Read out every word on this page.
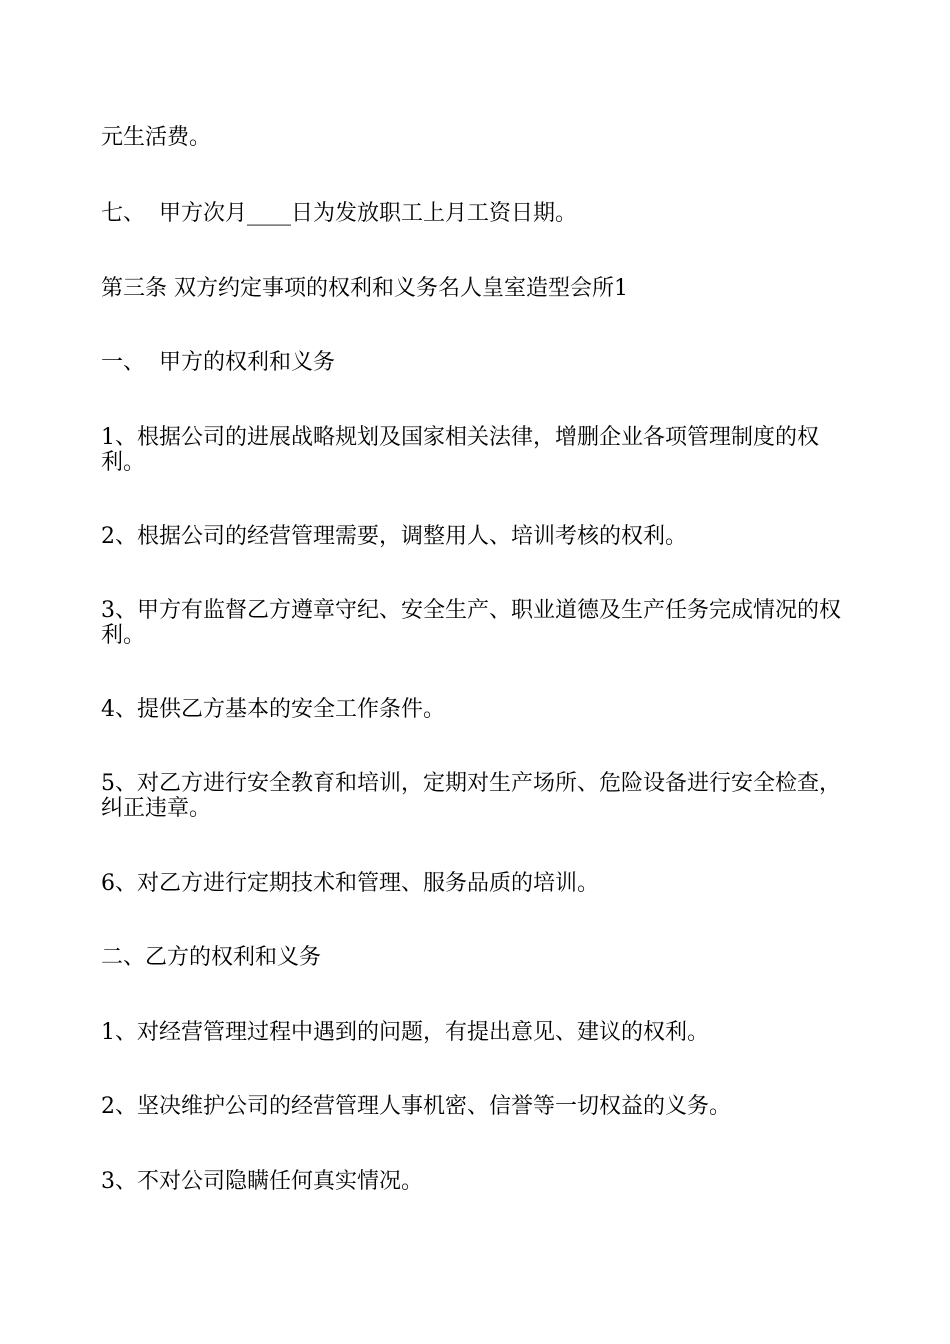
元生活费。

七、  甲方次月____日为发放职工上月工资日期。

第三条 双方约定事项的权利和义务名人皇室造型会所1

一、  甲方的权利和义务

1、根据公司的进展战略规划及国家相关法律，增删企业各项管理制度的权利。

2、根据公司的经营管理需要，调整用人、培训考核的权利。

3、甲方有监督乙方遵章守纪、安全生产、职业道德及生产任务完成情况的权利。

4、提供乙方基本的安全工作条件。

5、对乙方进行安全教育和培训，定期对生产场所、危险设备进行安全检查，纠正违章。

6、对乙方进行定期技术和管理、服务品质的培训。

二、乙方的权利和义务

1、对经营管理过程中遇到的问题，有提出意见、建议的权利。

2、坚决维护公司的经营管理人事机密、信誉等一切权益的义务。

3、不对公司隐瞒任何真实情况。
